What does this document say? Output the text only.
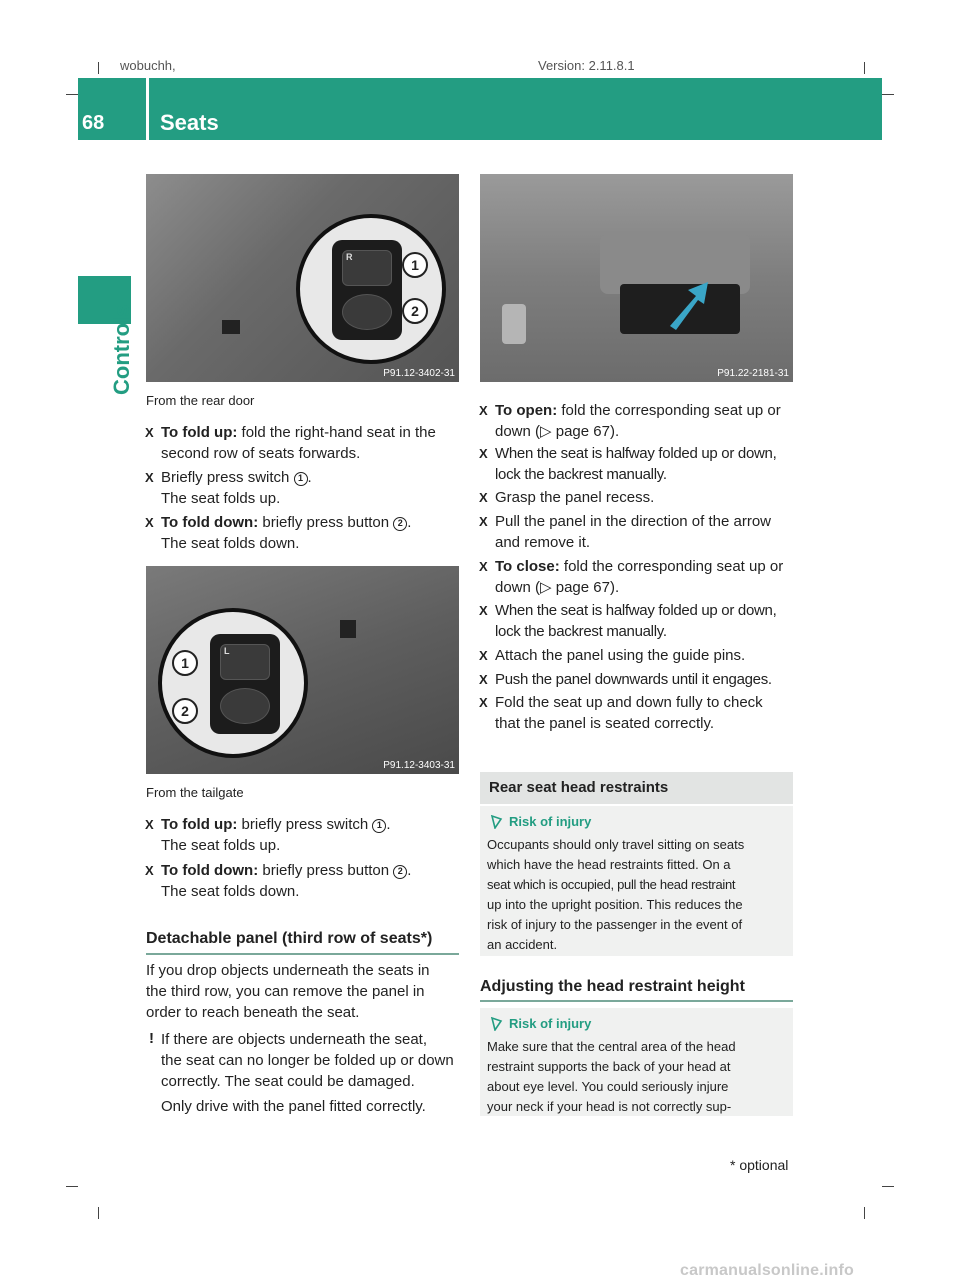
wobuchh,	Version: 2.11.8.1
68	Seats
Controls
R	1
2
P91.12-3402-31
From the rear door
X To fold up: fold the right-hand seat in the
second row of seats forwards.
X Briefly press switch 1 .
The seat folds up.
X To fold down: briefly press button 2 .
The seat folds down.
L
1
2
P91.12-3403-31
From the tailgate
X To fold up: briefly press switch 1 .
The seat folds up.
X To fold down: briefly press button 2 .
The seat folds down.
Detachable panel (third row of seats*)
If you drop objects underneath the seats in
the third row, you can remove the panel in
order to reach beneath the seat.
! If there are objects underneath the seat,
the seat can no longer be folded up or down
correctly. The seat could be damaged.
Only drive with the panel fitted correctly.
P91.22-2181-31
X To open: fold the corresponding seat up or
down (▷ page 67).
X When the seat is halfway folded up or down,
lock the backrest manually.
X Grasp the panel recess.
X Pull the panel in the direction of the arrow
and remove it.
X To close: fold the corresponding seat up or
down (▷ page 67).
X When the seat is halfway folded up or down,
lock the backrest manually.
X Attach the panel using the guide pins.
X Push the panel downwards until it engages.
X Fold the seat up and down fully to check
that the panel is seated correctly.
Rear seat head restraints
Risk of injury
Occupants should only travel sitting on seats
which have the head restraints fitted. On a
seat which is occupied, pull the head restraint
up into the upright position. This reduces the
risk of injury to the passenger in the event of
an accident.
Adjusting the head restraint height
Risk of injury
Make sure that the central area of the head
restraint supports the back of your head at
about eye level. You could seriously injure
your neck if your head is not correctly sup-
* optional
carmanualsonline.info
